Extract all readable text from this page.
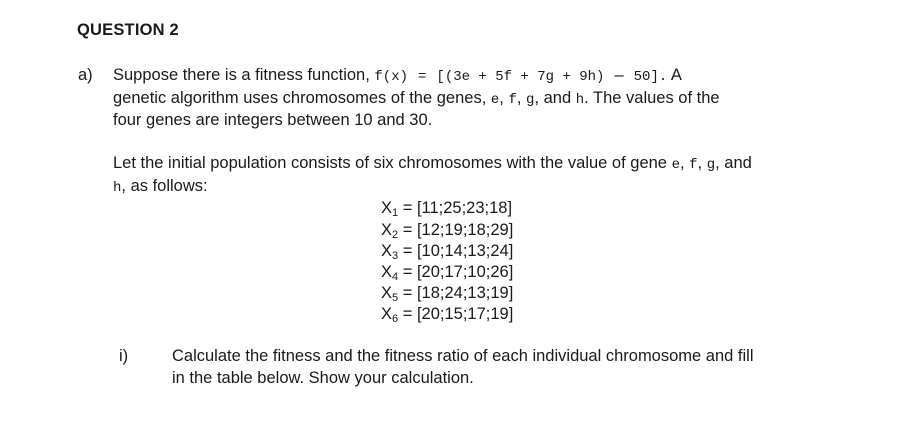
QUESTION 2
a) Suppose there is a fitness function, f(x) = [(3e + 5f + 7g + 9h) – 50]. A
genetic algorithm uses chromosomes of the genes, e, f, g, and h. The values of the
four genes are integers between 10 and 30.
Let the initial population consists of six chromosomes with the value of gene e, f, g, and
h, as follows:
$X_1$ = [11;25;23;18]
$X_2$ = [12;19;18;29]
$X_3$ = [10;14;13;24]
$X_4$ = [20;17;10;26]
$X_5$ = [18;24;13;19]
$X_6$ = [20;15;17;19]
i)	Calculate the fitness and the fitness ratio of each individual chromosome and fill
in the table below. Show your calculation.
